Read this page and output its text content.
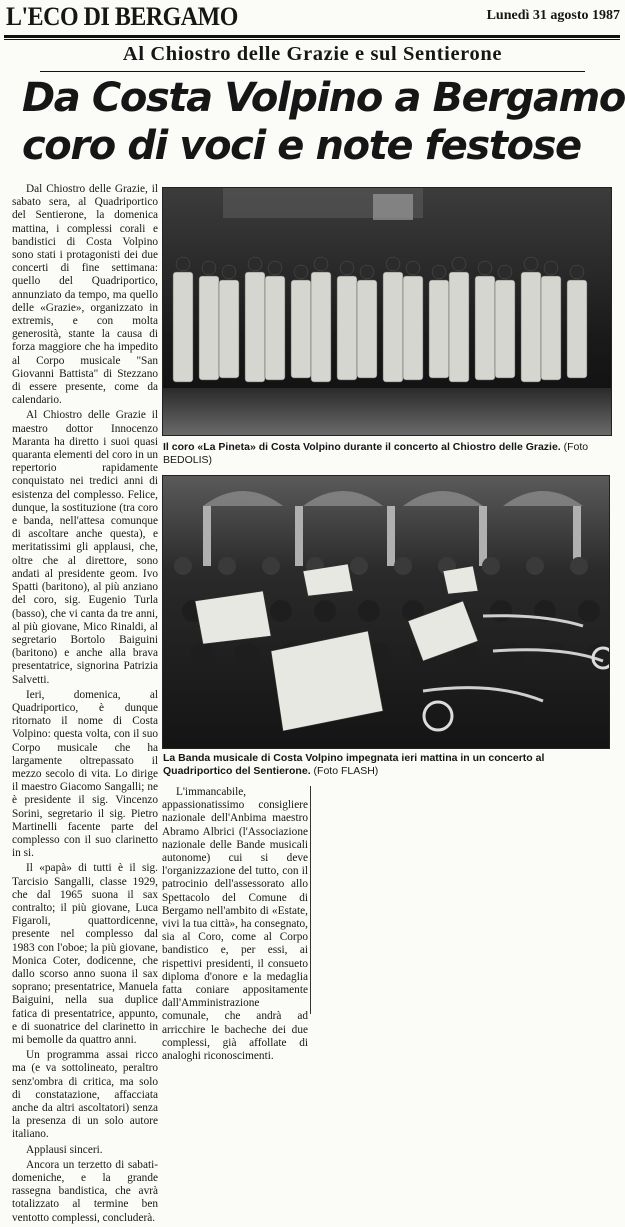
L'ECO DI BERGAMO	Lunedì 31 agosto 1987
Al Chiostro delle Grazie e sul Sentierone
Da Costa Volpino a Bergamo
coro di voci e note festose

Dal Chiostro delle Grazie, il sabato sera, al Quadriportico del Sentierone, la domenica mattina, i complessi corali e bandistici di Costa Volpino sono stati i protagonisti dei due concerti di fine settimana: quello del Quadriportico, annunziato da tempo, ma quello delle «Grazie», organizzato in extremis, e con molta generosità, stante la causa di forza maggiore che ha impedito al Corpo musicale "San Giovanni Battista" di Stezzano di essere presente, come da calendario.

Al Chiostro delle Grazie il maestro dottor Innocenzo Maranta ha diretto i suoi quasi quaranta elementi del coro in un repertorio rapidamente conquistato nei tredici anni di esistenza del complesso. Felice, dunque, la sostituzione (tra coro e banda, nell'attesa comunque di ascoltare anche questa), e meritatissimi gli applausi, che, oltre che al direttore, sono andati al presidente geom. Ivo Spatti (baritono), al più anziano del coro, sig. Eugenio Turla (basso), che vi canta da tre anni, al più giovane, Mico Rinaldi, al segretario Bortolo Baiguini (baritono) e anche alla brava presentatrice, signorina Patrizia Salvetti.

Ieri, domenica, al Quadriportico, è dunque ritornato il nome di Costa Volpino: questa volta, con il suo Corpo musicale che ha largamente oltrepassato il mezzo secolo di vita. Lo dirige il maestro Giacomo Sangalli; ne è presidente il sig. Vincenzo Sorini, segretario il sig. Pietro Martinelli facente parte del complesso con il suo clarinetto in si.

Il «papà» di tutti è il sig. Tarcisio Sangalli, classe 1929, che dal 1965 suona il sax contralto; il più giovane, Luca Figaroli, quattordicenne, presente nel complesso dal 1983 con l'oboe; la più giovane, Monica Coter, dodicenne, che dallo scorso anno suona il sax soprano; presentatrice, Manuela Baiguini, nella sua duplice fatica di presentatrice, appunto, e di suonatrice del clarinetto in mi bemolle da quattro anni.

Un programma assai ricco ma (e va sottolineato, peraltro senz'ombra di critica, ma solo di constatazione, affacciata anche da altri ascoltatori) senza la presenza di un solo autore italiano.

Applausi sinceri.

Ancora un terzetto di sabati-domeniche, e la grande rassegna bandistica, che avrà totalizzato al termine ben ventotto complessi, concluderà.

Il coro «La Pineta» di Costa Volpino durante il concerto al Chiostro delle Grazie. (Foto BEDOLIS)
La Banda musicale di Costa Volpino impegnata ieri mattina in un concerto al Quadriportico del Sentierone. (Foto FLASH)

L'immancabile, appassionatissimo consigliere nazionale dell'Anbima maestro Abramo Albrici (l'Associazione nazionale delle Bande musicali autonome) cui si deve l'organizzazione del tutto, con il patrocinio dell'assessorato allo Spettacolo del Comune di Bergamo nell'ambito di «Estate, vivi la tua città», ha consegnato, sia al Coro, come al Corpo bandistico e, per essi, ai rispettivi presidenti, il consueto diploma d'onore e la medaglia fatta coniare appositamente dall'Amministrazione comunale, che andrà ad arricchire le bacheche dei due complessi, già affollate di analoghi riconoscimenti.
